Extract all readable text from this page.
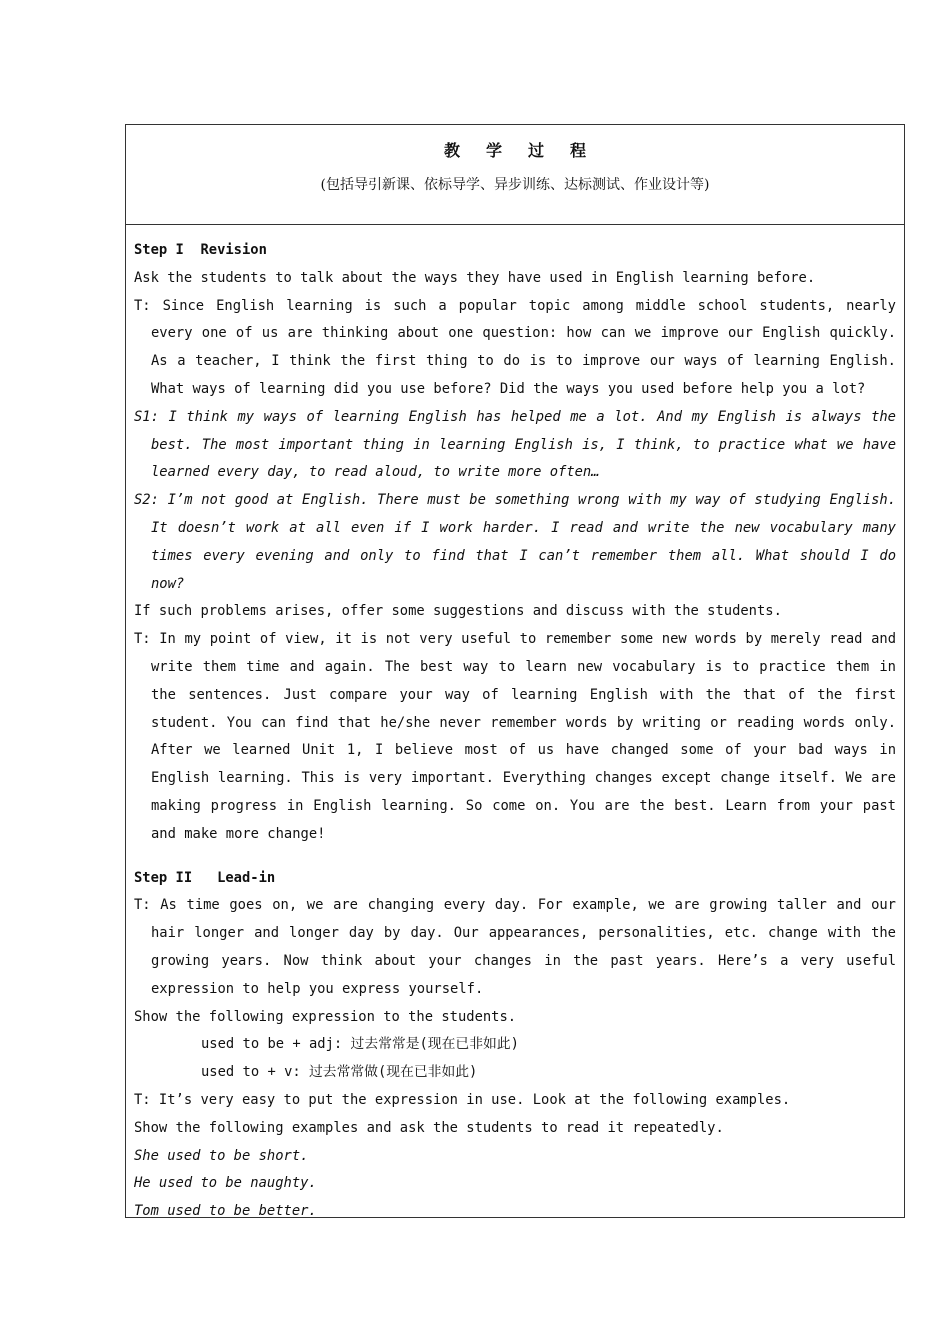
教学过程
(包括导引新课、依标导学、异步训练、达标测试、作业设计等)
Step I  Revision
Ask the students to talk about the ways they have used in English learning before.
T: Since English learning is such a popular topic among middle school students, nearly every one of us are thinking about one question: how can we improve our English quickly. As a teacher, I think the first thing to do is to improve our ways of learning English. What ways of learning did you use before? Did the ways you used before help you a lot?
S1: I think my ways of learning English has helped me a lot. And my English is always the best. The most important thing in learning English is, I think, to practice what we have learned every day, to read aloud, to write more often…
S2: I’m not good at English. There must be something wrong with my way of studying English. It doesn’t work at all even if I work harder. I read and write the new vocabulary many times every evening and only to find that I can’t remember them all. What should I do now?
If such problems arises, offer some suggestions and discuss with the students.
T: In my point of view, it is not very useful to remember some new words by merely read and write them time and again. The best way to learn new vocabulary is to practice them in the sentences. Just compare your way of learning English with the that of the first student. You can find that he/she never remember words by writing or reading words only. After we learned Unit 1, I believe most of us have changed some of your bad ways in English learning. This is very important. Everything changes except change itself. We are making progress in English learning. So come on. You are the best. Learn from your past and make more change!
Step II   Lead-in
T: As time goes on, we are changing every day. For example, we are growing taller and our hair longer and longer day by day. Our appearances, personalities, etc. change with the growing years. Now think about your changes in the past years. Here’s a very useful expression to help you express yourself.
Show the following expression to the students.
used to be + adj: 过去常常是(现在已非如此)
used to + v: 过去常常做(现在已非如此)
T: It’s very easy to put the expression in use. Look at the following examples.
Show the following examples and ask the students to read it repeatedly.
She used to be short.
He used to be naughty.
Tom used to be better.
